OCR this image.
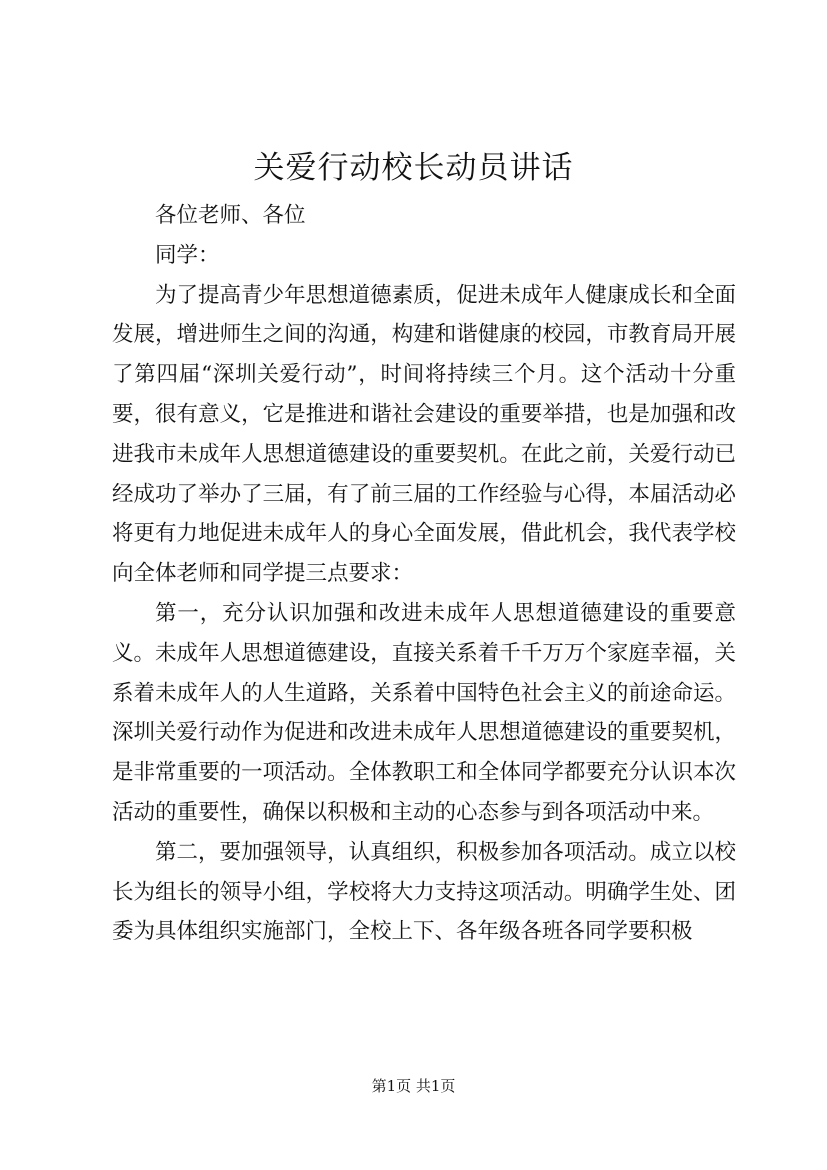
关爱行动校长动员讲话

各位老师、各位

同学：

为了提高青少年思想道德素质，促进未成年人健康成长和全面发展，增进师生之间的沟通，构建和谐健康的校园，市教育局开展了第四届“深圳关爱行动”，时间将持续三个月。这个活动十分重要，很有意义，它是推进和谐社会建设的重要举措，也是加强和改进我市未成年人思想道德建设的重要契机。在此之前，关爱行动已经成功了举办了三届，有了前三届的工作经验与心得，本届活动必将更有力地促进未成年人的身心全面发展，借此机会，我代表学校向全体老师和同学提三点要求：

第一，充分认识加强和改进未成年人思想道德建设的重要意义。未成年人思想道德建设，直接关系着千千万万个家庭幸福，关系着未成年人的人生道路，关系着中国特色社会主义的前途命运。深圳关爱行动作为促进和改进未成年人思想道德建设的重要契机，是非常重要的一项活动。全体教职工和全体同学都要充分认识本次活动的重要性，确保以积极和主动的心态参与到各项活动中来。

第二，要加强领导，认真组织，积极参加各项活动。成立以校长为组长的领导小组，学校将大力支持这项活动。明确学生处、团委为具体组织实施部门，全校上下、各年级各班各同学要积极

第1页 共1页
